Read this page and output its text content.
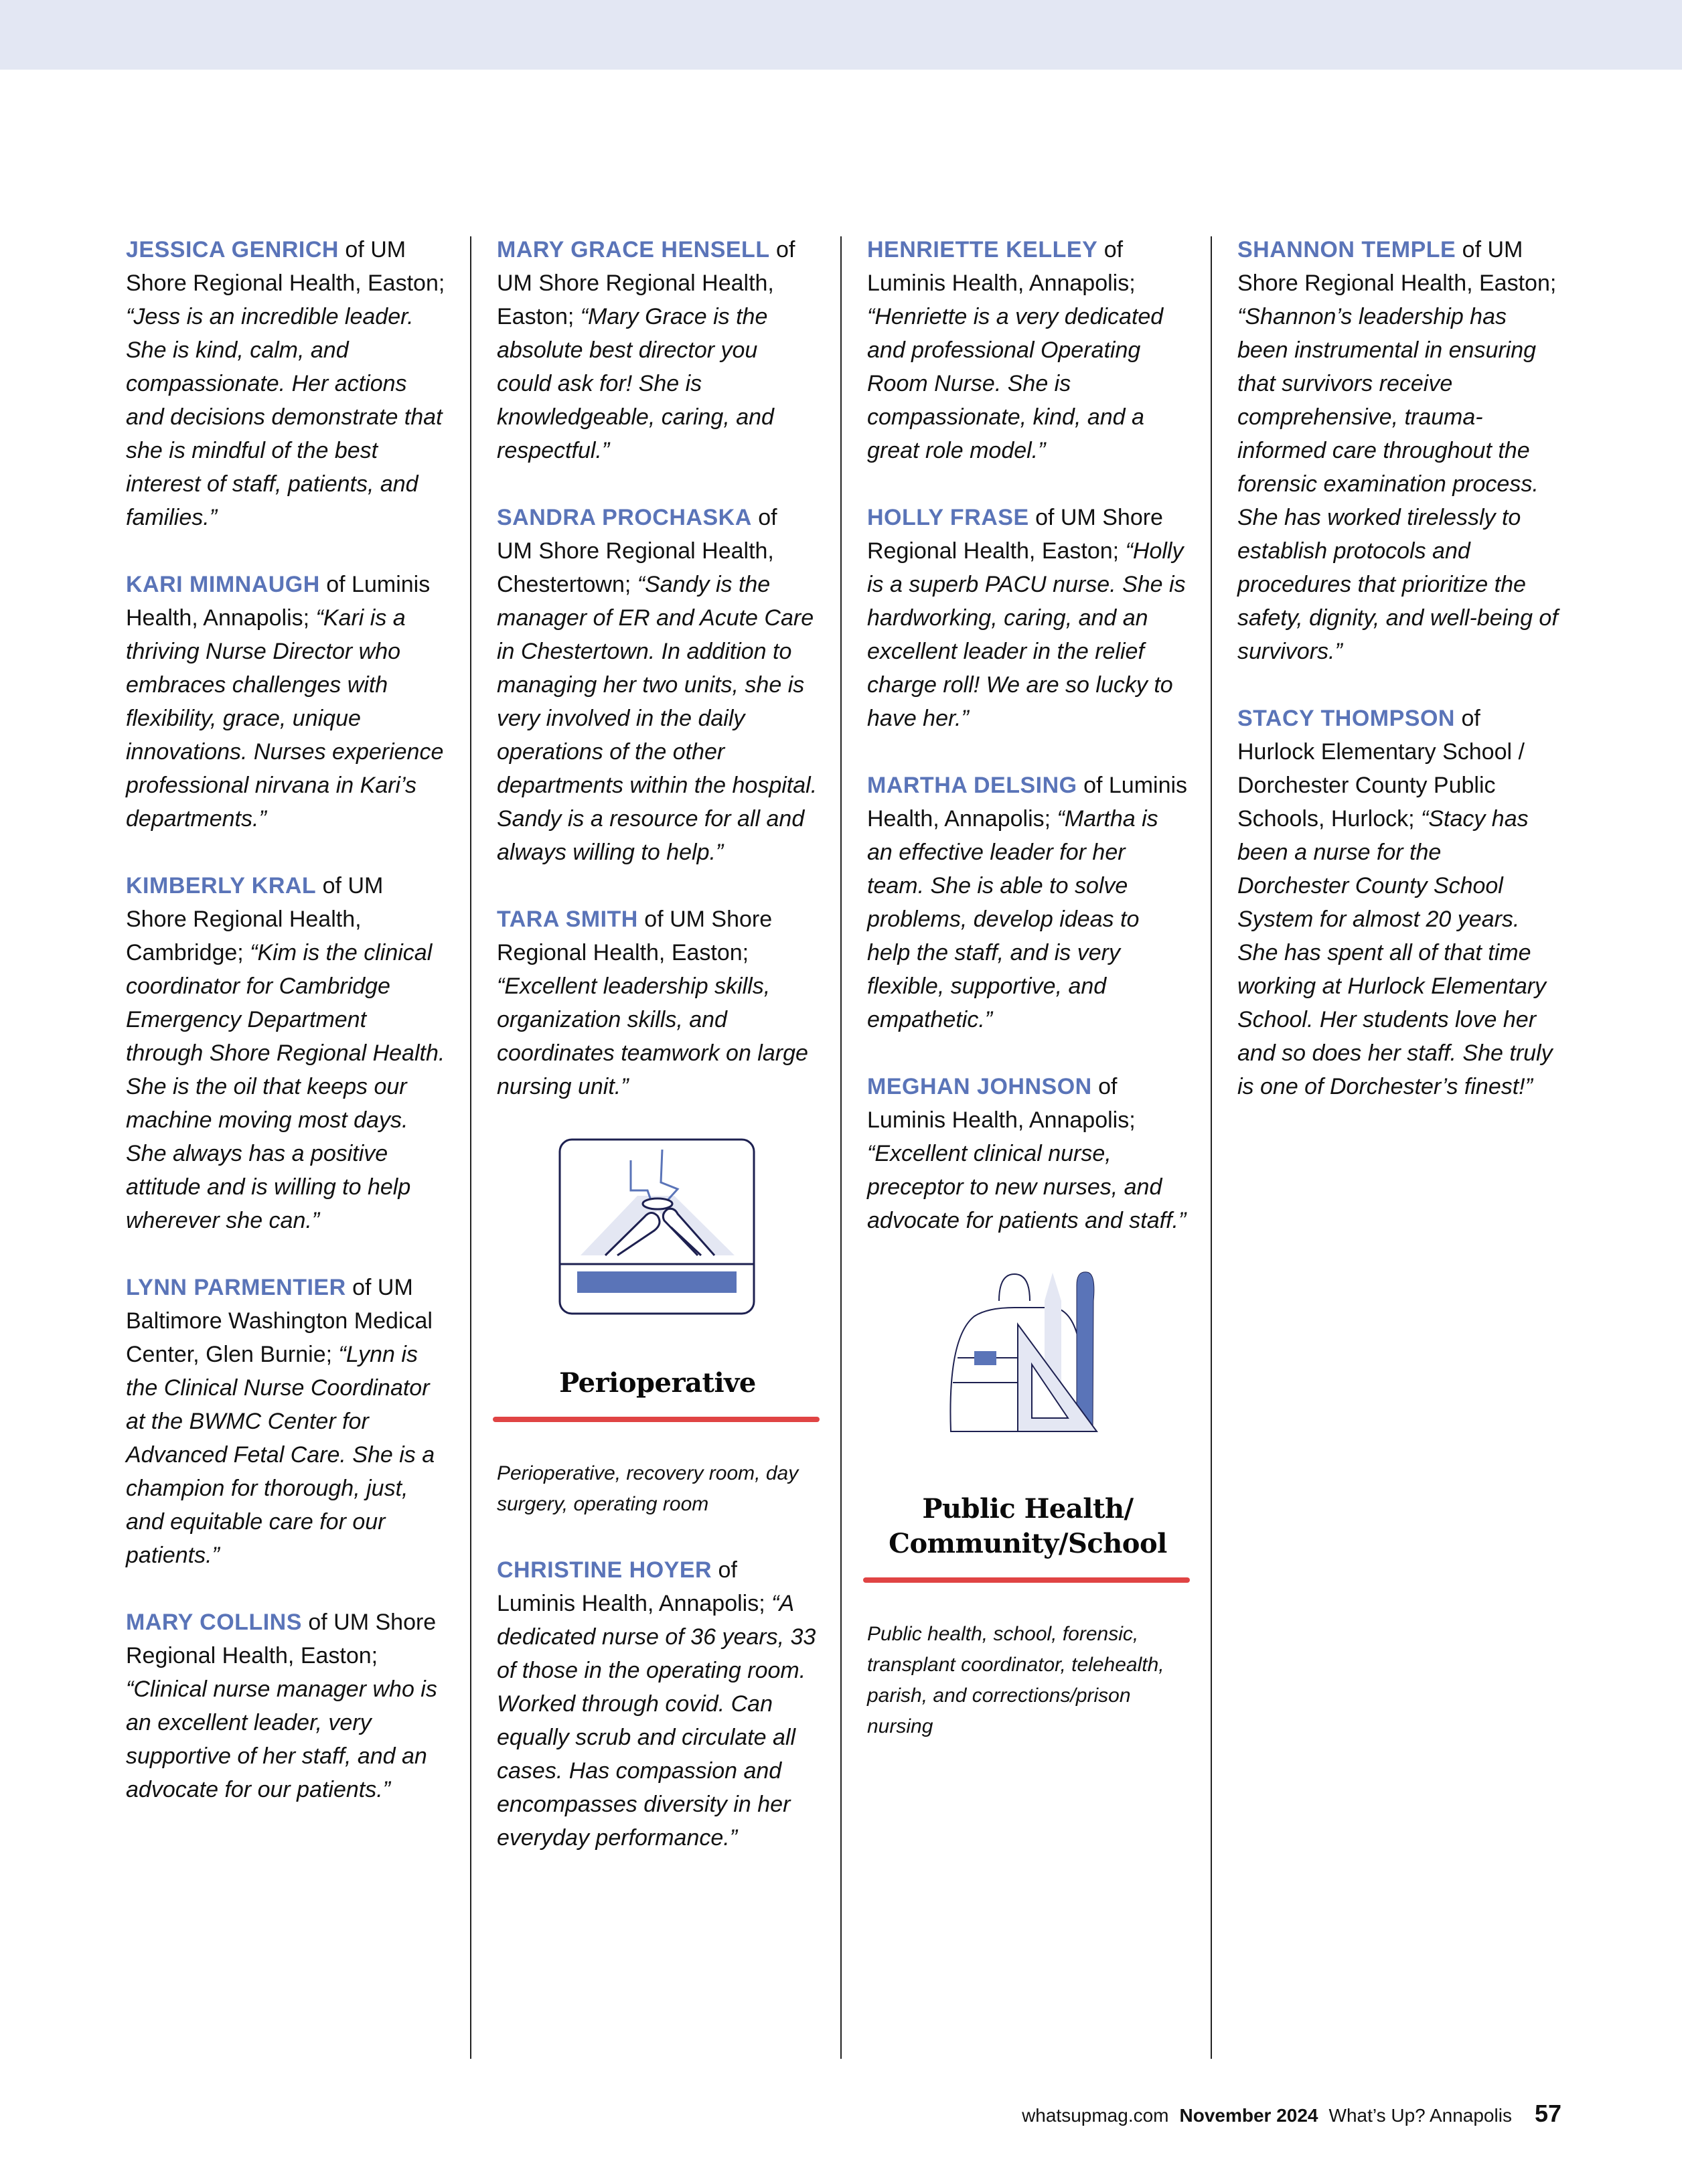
JESSICA GENRICH of UM Shore Regional Health, Easton; “Jess is an incredible leader. She is kind, calm, and compassionate. Her actions and decisions demonstrate that she is mindful of the best interest of staff, patients, and families.”

KARI MIMNAUGH of Luminis Health, Annapolis; “Kari is a thriving Nurse Director who embraces challenges with flexibility, grace, unique innovations. Nurses experience professional nirvana in Kari’s departments.”

KIMBERLY KRAL of UM Shore Regional Health, Cambridge; “Kim is the clinical coordinator for Cambridge Emergency Department through Shore Regional Health. She is the oil that keeps our machine moving most days. She always has a positive attitude and is willing to help wherever she can.”

LYNN PARMENTIER of UM Baltimore Washington Medical Center, Glen Burnie; “Lynn is the Clinical Nurse Coordinator at the BWMC Center for Advanced Fetal Care. She is a champion for thorough, just, and equitable care for our patients.”

MARY COLLINS of UM Shore Regional Health, Easton; “Clinical nurse manager who is an excellent leader, very supportive of her staff, and an advocate for our patients.”

MARY GRACE HENSELL of UM Shore Regional Health, Easton; “Mary Grace is the absolute best director you could ask for! She is knowledgeable, caring, and respectful.”

SANDRA PROCHASKA of UM Shore Regional Health, Chestertown; “Sandy is the manager of ER and Acute Care in Chestertown. In addition to managing her two units, she is very involved in the daily operations of the other departments within the hospital. Sandy is a resource for all and always willing to help.”

TARA SMITH of UM Shore Regional Health, Easton; “Excellent leadership skills, organization skills, and coordinates teamwork on large nursing unit.”

Perioperative
Perioperative, recovery room, day surgery, operating room

CHRISTINE HOYER of Luminis Health, Annapolis; “A dedicated nurse of 36 years, 33 of those in the operating room. Worked through covid. Can equally scrub and circulate all cases. Has compassion and encompasses diversity in her everyday performance.”

HENRIETTE KELLEY of Luminis Health, Annapolis; “Henriette is a very dedicated and professional Operating Room Nurse. She is compassionate, kind, and a great role model.”

HOLLY FRASE of UM Shore Regional Health, Easton; “Holly is a superb PACU nurse. She is hardworking, caring, and an excellent leader in the relief charge roll! We are so lucky to have her.”

MARTHA DELSING of Luminis Health, Annapolis; “Martha is an effective leader for her team. She is able to solve problems, develop ideas to help the staff, and is very flexible, supportive, and empathetic.”

MEGHAN JOHNSON of Luminis Health, Annapolis; “Excellent clinical nurse, preceptor to new nurses, and advocate for patients and staff.”

Public Health/
Community/School
Public health, school, forensic, transplant coordinator, telehealth, parish, and corrections/prison nursing

SHANNON TEMPLE of UM Shore Regional Health, Easton; “Shannon’s leadership has been instrumental in ensuring that survivors receive comprehensive, trauma-informed care throughout the forensic examination process. She has worked tirelessly to establish protocols and procedures that prioritize the safety, dignity, and well-being of survivors.”

STACY THOMPSON of Hurlock Elementary School / Dorchester County Public Schools, Hurlock; “Stacy has been a nurse for the Dorchester County School System for almost 20 years. She has spent all of that time working at Hurlock Elementary School. Her students love her and so does her staff. She truly is one of Dorchester’s finest!”

whatsupmag.com November 2024 What’s Up? Annapolis 57
